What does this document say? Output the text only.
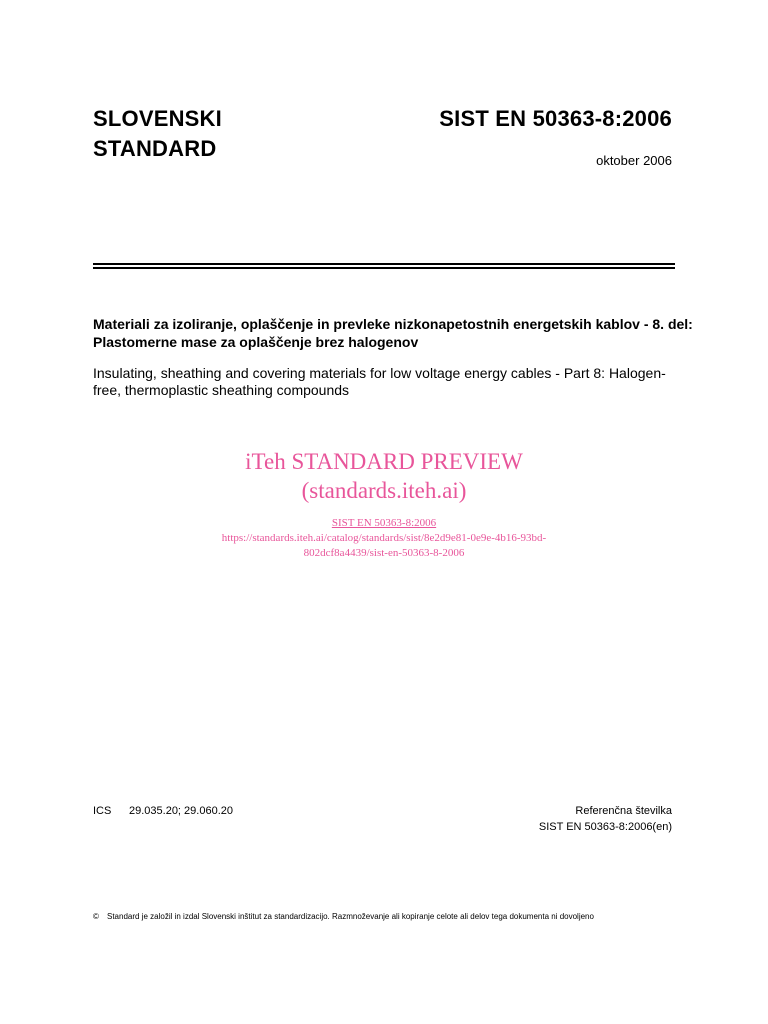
SLOVENSKI
STANDARD
SIST EN 50363-8:2006
oktober 2006
Materiali za izoliranje, oplaščenje in prevleke nizkonapetostnih energetskih kablov - 8. del: Plastomerne mase za oplaščenje brez halogenov
Insulating, sheathing and covering materials for low voltage energy cables - Part 8: Halogen-free, thermoplastic sheathing compounds
iTeh STANDARD PREVIEW
(standards.iteh.ai)
SIST EN 50363-8:2006
https://standards.iteh.ai/catalog/standards/sist/8e2d9e81-0e9e-4b16-93bd-
802dcf8a4439/sist-en-50363-8-2006
ICS 29.035.20; 29.060.20	Referenčna številka
SIST EN 50363-8:2006(en)
© Standard je založil in izdal Slovenski inštitut za standardizacijo. Razmnoževanje ali kopiranje celote ali delov tega dokumenta ni dovoljeno
